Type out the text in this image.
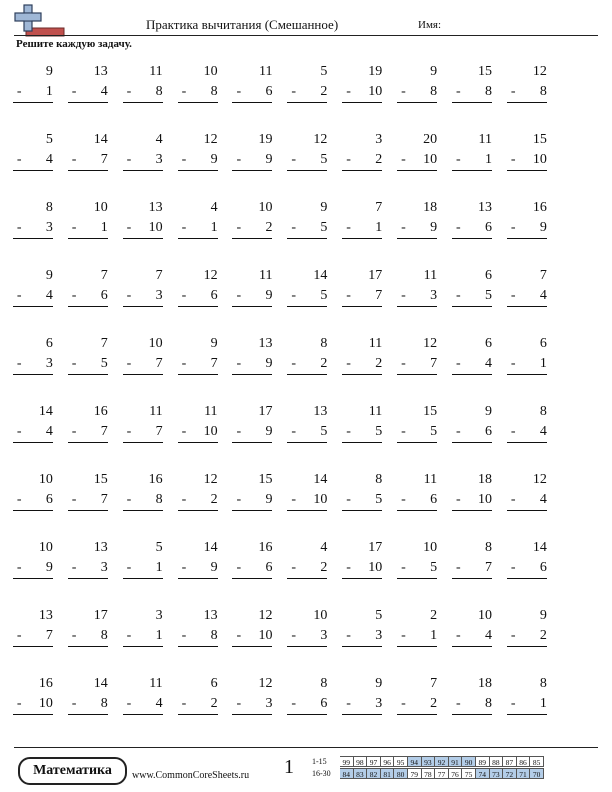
Практика вычитания (Смешанное)	Имя:
Решите каждую задачу.
9
- 1
13
- 4
11
- 8
10
- 8
11
- 6
5
- 2
19
- 10
9
- 8
15
- 8
12
- 8
5
- 4
14
- 7
4
- 3
12
- 9
19
- 9
12
- 5
3
- 2
20
- 10
11
- 1
15
- 10
8
- 3
10
- 1
13
- 10
4
- 1
10
- 2
9
- 5
7
- 1
18
- 9
13
- 6
16
- 9
9
- 4
7
- 6
7
- 3
12
- 6
11
- 9
14
- 5
17
- 7
11
- 3
6
- 5
7
- 4
6
- 3
7
- 5
10
- 7
9
- 7
13
- 9
8
- 2
11
- 2
12
- 7
6
- 4
6
- 1
14
- 4
16
- 7
11
- 7
11
- 10
17
- 9
13
- 5
11
- 5
15
- 5
9
- 6
8
- 4
10
- 6
15
- 7
16
- 8
12
- 2
15
- 9
14
- 10
8
- 5
11
- 6
18
- 10
12
- 4
10
- 9
13
- 3
5
- 1
14
- 9
16
- 6
4
- 2
17
- 10
10
- 5
8
- 7
14
- 6
13
- 7
17
- 8
3
- 1
13
- 8
12
- 10
10
- 3
5
- 3
2
- 1
10
- 4
9
- 2
16
- 10
14
- 8
11
- 4
6
- 2
12
- 3
8
- 6
9
- 3
7
- 2
18
- 8
8
- 1
Математика	www.CommonCoreSheets.ru 1 1-15	99 98 97 96 95 94 93 92 91 90 89 88 87 86 85
16-30	84 83 82 81 80 79 78 77 76 75 74 73 72 71 70
